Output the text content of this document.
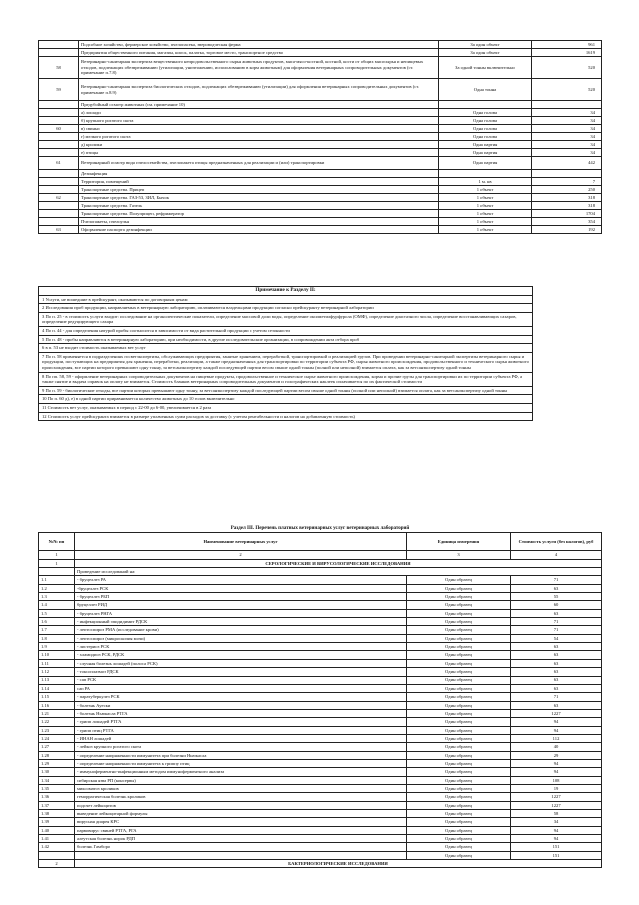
	Подсобное хозяйство, фермерское хозяйство, пчелопасека, звероводческая ферма	За один объект	961
	Предприятия общественного питания, магазин, киоск, палатка, торговое место, транспортное средство	За один объект	1619
58	Ветеринарно-санитарная экспертиза вещественного непродовольственного сырья животных продуктов, мяса-мясо-костной, костной, кости от общих мясосырья и непищевых отходов, подлежащих обезвреживанию (утилизации, уничтожению, использованию в корм животным) для оформления ветеринарных сопроводительных документов (ст. примечание п.7.8)	За одной тонны включительно	520
59	Ветеринарно-санитарная экспертиза биологических отходов, подлежащих обезвреживанию (утилизации) для оформления ветеринарных сопроводительных документов (ст. примечание п.8.9)	Одна тонна	520
	Предубойный осмотр животных (см. примечание 10)		
	а) лошади	Одна голова	34
	б) крупного рогатого скота	Одна голова	34
60	в) свиньи	Одна голова	34
	г) мелкого рогатого скота	Одна голова	34
	д) кролики	Одна партия	34
	е) птицы	Одна партия	34
61	Ветеринарный осмотр вида пчелосемейства, пчелопакета птицы предназначенных для реализации и (или) транспортировки	Одна партия	442
	Дезинфекция		
	Территория, помещений	1 м. кв	7
	Транспортные средства. Прицеп	1 объект	250
62	Транспортные средства. ГАЗ-53, ЗИЛ, Бычок	1 объект	318
	Транспортные средства. Газель	1 объект	318
	Транспортные средства. Полуприцеп, рефрижератор	1 объект	1704
	Пчелопакеты, пчелоулья	1 объект	354
63	Оформление паспорта дезинфекции	1 объект	192
Примечание к Разделу II:
1 Услуги, не вошедшие в прейскурант, оказываются по договорным ценам
2 Исследования проб продукции, направляемых в ветеринарную лабораторию, оплачиваются владельцами продукции согласно прейскуранту ветеринарной лаборатории
3 По п. 25 - в стоимость услуги входит: исследование на органолептические показатели, определение массовой доли воды, определение оксиметилфурфурола (ОМФ), определение диастазного числа, определение восстанавливающих сахаров, определение редуцирующего сахара
4 По п. 44 - для определения натурой пробы соотносится в зависимости от вида растительной продукции с учетом сезонности
5 По п. 48 - пробы направляются в ветеринарную лабораторию, при необходимости, в другие исследовательские организации, в сопровождении акта отбора проб
6 в п. 53 не входит стоимость оказываемых вет услуг
7 По п. 58 применяется в подразделениях госветэкспертизы, обслуживающих предприятия, занятые хранением, переработкой, транспортировкой и реализацией грузов. При проведении ветеринарно-санитарной экспертизы ветеринарного сырья и продукции, поступающих на предприятия для хранения, переработки, реализации, а также предназначенных для транспортировки по территории субъекта РФ, сырья животного происхождения, продовольственного и технического сырья животного происхождения, все партии которого превышают одну тонну, за ветсанэкспертизу каждой последующей партии весом свыше одной тонны (полной или неполной) взимается оплата, как за ветсанэкспертизу одной тонны
8 По пп. 58, 59 - оформление ветеринарных сопроводительных документов на пищевые продукты, продовольственное и техническое сырье животного происхождения, корма и прочие грузы для транспортировки их по территории субъекта РФ, а также снятие и выдача справок на оплату не взимается. Стоимость бланков ветеринарных сопроводительных документов и голографических наклеек оплачивается по их фактической стоимости
9 По п. 59 - биологические отходы, все партии которых превышают одну тонну, за ветсанэкспертизу каждой последующей партии весом свыше одной тонны (полной или неполной) взимается оплата, как за ветсанэкспертизу одной тонны
10 По п. 60 д), е) в одной партии приравнивается количество животных до 10 голов включительно
11 Стоимость вет услуг, оказываемых в период с 22-00 до 6-00, увеличивается в 2 раза
12 Стоимость услуг прейскуранта взимается в размере уплаченных сумм расходов за доставку (с учетом рентабельности и налогов на добавленную стоимость)
Раздел III. Перечень платных ветеринарных услуг ветеринарных лабораторий			
№№ пп	Наименование ветеринарных услуг	Единица измерения	Стоимость услуги (без налогов), руб
1	2	3	4
1	СЕРОЛОГИЧЕСКИЕ И ВИРУСОЛОГИЧЕСКИЕ ИССЛЕДОВАНИЯ		
	Проведение исследований на:		
1.1	- бруцеллез РА	Один образец	71
1.2	-бруцеллез РСК	Один образец	63
1.3	- бруцеллез РБП	Один образец	55
1.4	бруцеллез РИД	Один образец	60
1.5	- бруцеллез РНГА	Один образец	63
1.6	- инфекционный эпидидимит РДСК	Один образец	71
1.7	- лептоспироз РМА (исследование крови)	Один образец	71
1.8	- лептоспироз (микроскопия мочи)	Один образец	54
1.9	- листериоз РСК	Один образец	63
1.10	- хламидиоз РСК, РДСК	Один образец	63
1.11	- случная болезнь лошадей (полоса РСК)	Один образец	63
1.12	- токсоплазмоз РДСК	Один образец	63
1.13	- сап РСК	Один образец	63
1.14	сап РА	Один образец	63
1.15	- паратуберкулез РСК	Один образец	71
1.16	- болезнь Ауески	Один образец	63
1.21	- болезнь Ньюкасла РТГА	Один образец	1227
1.22	- грипп лошадей РТГА	Один образец	94
1.23	- грипп птиц РТГА	Один образец	94
1.24	- ИНАН лошадей	Один образец	112
1.27	- лейкоз крупного рогатого скота	Один образец	40
1.28	- определение напряженности иммунитета при болезни Ньюкасла	Один образец	29
1.29	- определение напряженности иммунитета к гриппу птиц	Один образец	94
1.30	- иммуноферментно-инфекционным методом иммуноферментного анализа	Один образец	94
1.34	сибирская язва РП (консервы)	Один образец	108
1.35	миксоматоз кроликов	Один образец	19
1.36	геморрагическая болезнь кроликов	Один образец	1227
1.37	подсчет лейкоцитов	Один образец	1227
1.38	выведение лейкоцитарной формулы	Один образец	58
1.39	вирусная диарея КРС	Один образец	34
1.40	парвовирус свиней РТГА, РГА	Один образец	94
1.41	алеутская болезнь норок РДП	Один образец	94
1.42	болезнь Гамборо	Один образец	151
		Один образец	151
2	БАКТЕРИОЛОГИЧЕСКИЕ ИССЛЕДОВАНИЯ		
